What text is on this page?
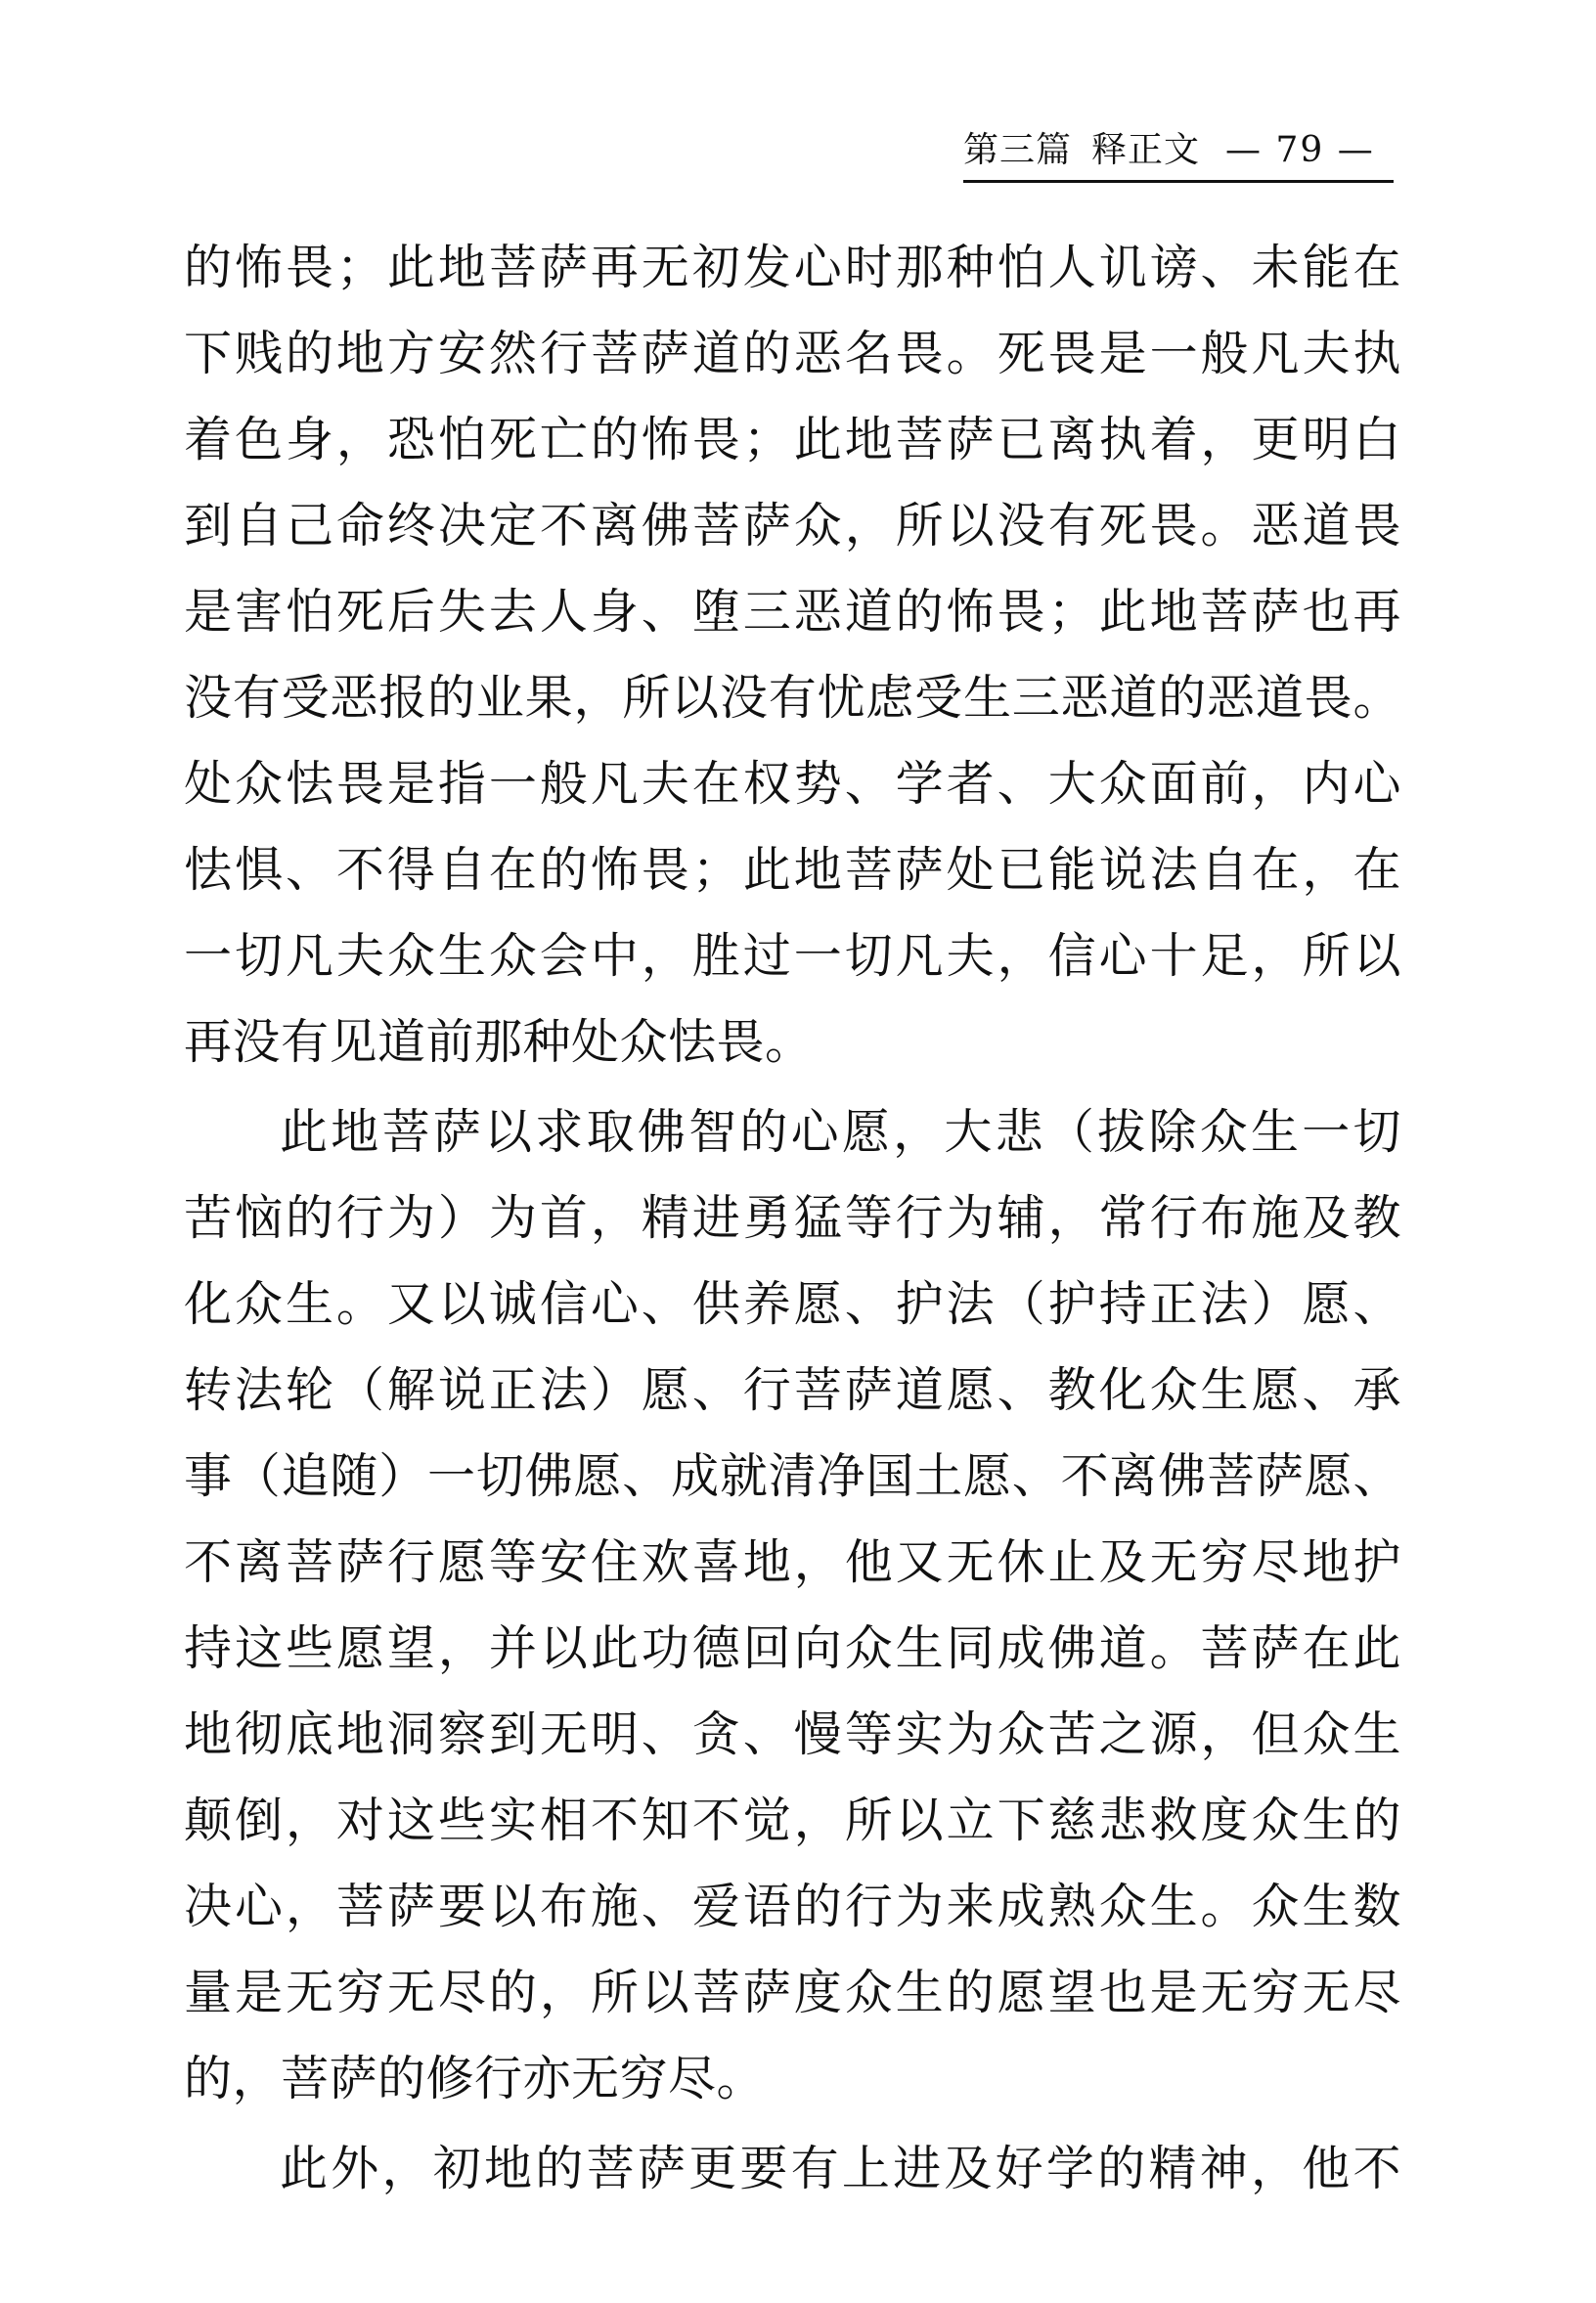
第三篇 释正文 — 79 —
的怖畏；此地菩萨再无初发心时那种怕人讥谤、未能在
下贱的地方安然行菩萨道的恶名畏。死畏是一般凡夫执
着色身，恐怕死亡的怖畏；此地菩萨已离执着，更明白
到自己命终决定不离佛菩萨众，所以没有死畏。恶道畏
是害怕死后失去人身、堕三恶道的怖畏；此地菩萨也再
没有受恶报的业果，所以没有忧虑受生三恶道的恶道畏。
处众怯畏是指一般凡夫在权势、学者、大众面前，内心
怯惧、不得自在的怖畏；此地菩萨处已能说法自在，在
一切凡夫众生众会中，胜过一切凡夫，信心十足，所以
再没有见道前那种处众怯畏。
此地菩萨以求取佛智的心愿，大悲（拔除众生一切
苦恼的行为）为首，精进勇猛等行为辅，常行布施及教
化众生。又以诚信心、供养愿、护法（护持正法）愿、
转法轮（解说正法）愿、行菩萨道愿、教化众生愿、承
事（追随）一切佛愿、成就清净国土愿、不离佛菩萨愿、
不离菩萨行愿等安住欢喜地，他又无休止及无穷尽地护
持这些愿望，并以此功德回向众生同成佛道。菩萨在此
地彻底地洞察到无明、贪、慢等实为众苦之源，但众生
颠倒，对这些实相不知不觉，所以立下慈悲救度众生的
决心，菩萨要以布施、爱语的行为来成熟众生。众生数
量是无穷无尽的，所以菩萨度众生的愿望也是无穷无尽
的，菩萨的修行亦无穷尽。
此外，初地的菩萨更要有上进及好学的精神，他不
